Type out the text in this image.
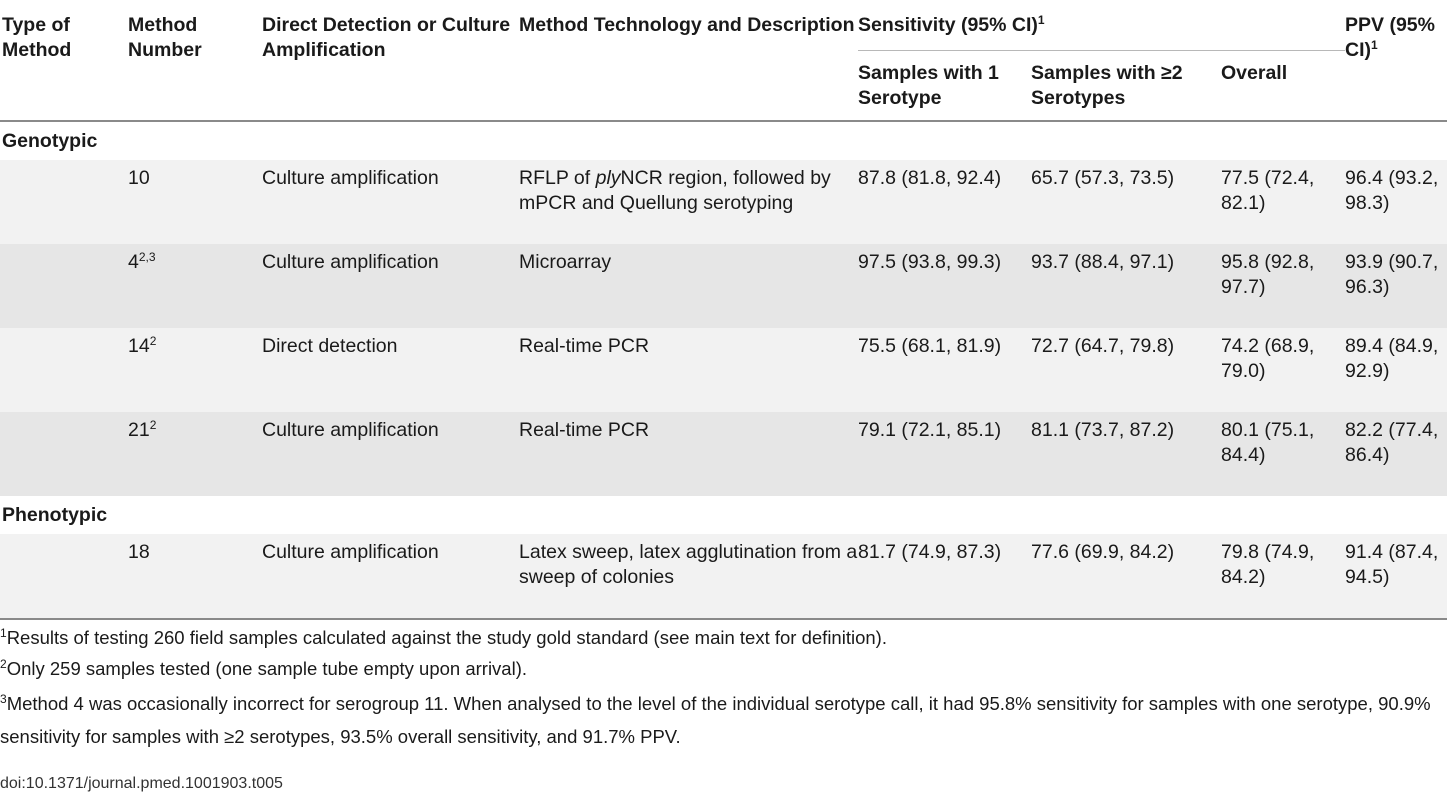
Type of Method	Method Number	Direct Detection or Culture Amplification	Method Technology and Description	Sensitivity (95% CI)$^1$			PPV (95% CI)$^1$
				Samples with 1 Serotype	Samples with ≥2 Serotypes	Overall	
Genotypic							
	10	Culture amplification	RFLP of plyNCR region, followed by mPCR and Quellung serotyping	87.8 (81.8, 92.4)	65.7 (57.3, 73.5)	77.5 (72.4, 82.1)	96.4 (93.2, 98.3)
	4$^{2,3}$	Culture amplification	Microarray	97.5 (93.8, 99.3)	93.7 (88.4, 97.1)	95.8 (92.8, 97.7)	93.9 (90.7, 96.3)
	$14^2$	Direct detection	Real-time PCR	75.5 (68.1, 81.9)	72.7 (64.7, 79.8)	74.2 (68.9, 79.0)	89.4 (84.9, 92.9)
	$21^2$	Culture amplification	Real-time PCR	79.1 (72.1, 85.1)	81.1 (73.7, 87.2)	80.1 (75.1, 84.4)	82.2 (77.4, 86.4)
Phenotypic							
	18	Culture amplification	Latex sweep, latex agglutination from a sweep of colonies	81.7 (74.9, 87.3)	77.6 (69.9, 84.2)	79.8 (74.9, 84.2)	91.4 (87.4, 94.5)
$^1$Results of testing 260 field samples calculated against the study gold standard (see main text for definition).
$^2$Only 259 samples tested (one sample tube empty upon arrival).
$^3$Method 4 was occasionally incorrect for serogroup 11. When analysed to the level of the individual serotype call, it had 95.8% sensitivity for samples with one serotype, 90.9% sensitivity for samples with ≥2 serotypes, 93.5% overall sensitivity, and 91.7% PPV.
doi:10.1371/journal.pmed.1001903.t005
